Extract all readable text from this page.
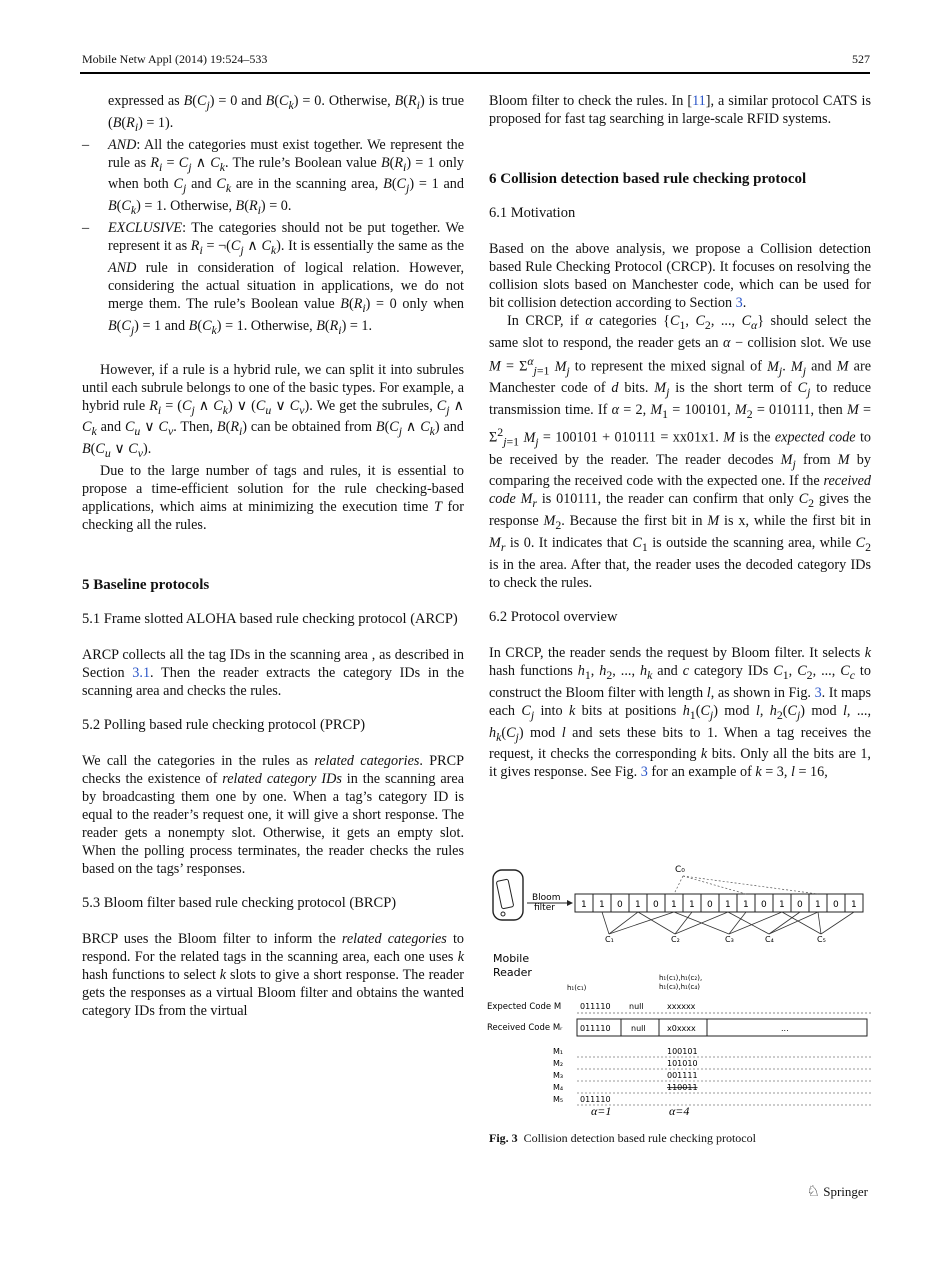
Mobile Netw Appl (2014) 19:524–533	527

expressed as $B(C_j) = 0$ and $B(C_k) = 0$. Otherwise, $B(R_i)$ is true $(B(R_i) = 1)$.

– AND: All the categories must exist together. We represent the rule as $R_i = C_j$ ∧ $C_k$. The rule’s Boolean value $B(R_i) = 1$ only when both $C_j$ and $C_k$ are in the scanning area, $B(C_j) = 1$ and $B(C_k) = 1$. Otherwise, $B(R_i) = 0$.
– EXCLUSIVE: The categories should not be put together. We represent it as $R_i$ = $\neg(C_j$ ∧ $C_k$). It is essentially the same as the AND rule in consideration of logical relation. However, considering the actual situation in applications, we do not merge them. The rule’s Boolean value $B(R_i) = 0$ only when $B(C_j) = 1$ and $B(C_k) = 1$. Otherwise, $B(R_i) = 1$.

However, if a rule is a hybrid rule, we can split it into subrules until each subrule belongs to one of the basic types. For example, a hybrid rule $R_i = (C_j$ ∧ $C_k$) ∨ ($C_u$ ∨ $C_v$). We get the subrules, $C_j$ ∧ $C_k$ and $C_u$ ∨ $C_v$. Then, $B(R_i)$ can be obtained from $B(C_j$ ∧ $C_k$) and $B(C_u$ ∨ $C_v$).

Due to the large number of tags and rules, it is essential to propose a time-efficient solution for the rule checking-based applications, which aims at minimizing the execution time T for checking all the rules.

5 Baseline protocols

5.1 Frame slotted ALOHA based rule checking protocol (ARCP)

ARCP collects all the tag IDs in the scanning area , as described in Section 3.1. Then the reader extracts the category IDs in the scanning area and checks the rules.

5.2 Polling based rule checking protocol (PRCP)

We call the categories in the rules as related categories. PRCP checks the existence of related category IDs in the scanning area by broadcasting them one by one. When a tag’s category ID is equal to the reader’s request one, it will give a short response. The reader gets a nonempty slot. Otherwise, it gets an empty slot. When the polling process terminates, the reader checks the rules based on the tags’ responses.

5.3 Bloom filter based rule checking protocol (BRCP)

BRCP uses the Bloom filter to inform the related categories to respond. For the related tags in the scanning area, each one uses k hash functions to select k slots to give a short response. The reader gets the responses as a virtual Bloom filter and obtains the wanted category IDs from the virtual

Bloom filter to check the rules. In [11], a similar protocol CATS is proposed for fast tag searching in large-scale RFID systems.

6 Collision detection based rule checking protocol

6.1 Motivation

Based on the above analysis, we propose a Collision detection based Rule Checking Protocol (CRCP). It focuses on resolving the collision slots based on Manchester code, which can be used for bit collision detection according to Section 3.

In CRCP, if α categories {$C_1$, $C_2$, ..., $C_\alpha$} should select the same slot to respond, the reader gets an α − collision slot. We use $M = \Sigma^\alpha_{j=1}$ $M_j$ to represent the mixed signal of $M_j$. $M_j$ and M are Manchester code of d bits. $M_j$ is the short term of $C_j$ to reduce transmission time. If α = 2, $M_1 = 100101$, $M_2 = 010111$, then $M = \Sigma^2_{j=1}$ $M_j = 100101 + 010111 = xx01x1$. M is the expected code to be received by the reader. The reader decodes $M_j$ from M by comparing the received code with the expected one. If the received code $M_r$ is 010111, the reader can confirm that only $C_2$ gives the response $M_2$. Because the first bit in M is x, while the first bit in $M_r$ is 0. It indicates that $C_1$ is outside the scanning area, while $C_2$ is in the area. After that, the reader uses the decoded category IDs to check the rules.

6.2 Protocol overview

In CRCP, the reader sends the request by Bloom filter. It selects k hash functions $h_1$, $h_2$, ..., $h_k$ and c category IDs $C_1$, $C_2$, ..., $C_c$ to construct the Bloom filter with length l, as shown in Fig. 3. It maps each $C_j$ into k bits at positions $h_1(C_j)$ mod l, $h_2(C_j)$ mod l, ..., $h_k(C_j)$ mod l and sets these bits to 1. When a tag receives the request, it checks the corresponding k bits. Only all the bits are 1, it gives response. See Fig. 3 for an example of k = 3, l = 16,

Mobile
Reader
Bloom
filter	1 1 0 1 0 1 1 0 1 1 0 1 0 1 0 1
C₀
C₁	C₂	C₃	C₄	C₅
h₁(c₁)
h₁(c₁),h₁(c₂),
h₁(c₃),h₁(c₄)
Expected Code M 011110 null	xxxxxx
Received Code Mᵣ 011110	null	x0xxxx	...
M₁	100101
M₂	101010
M₃	001111
M₄	110011
M₅ 011110
α=1	α=4
Fig. 3 Collision detection based rule checking protocol
♘ Springer
